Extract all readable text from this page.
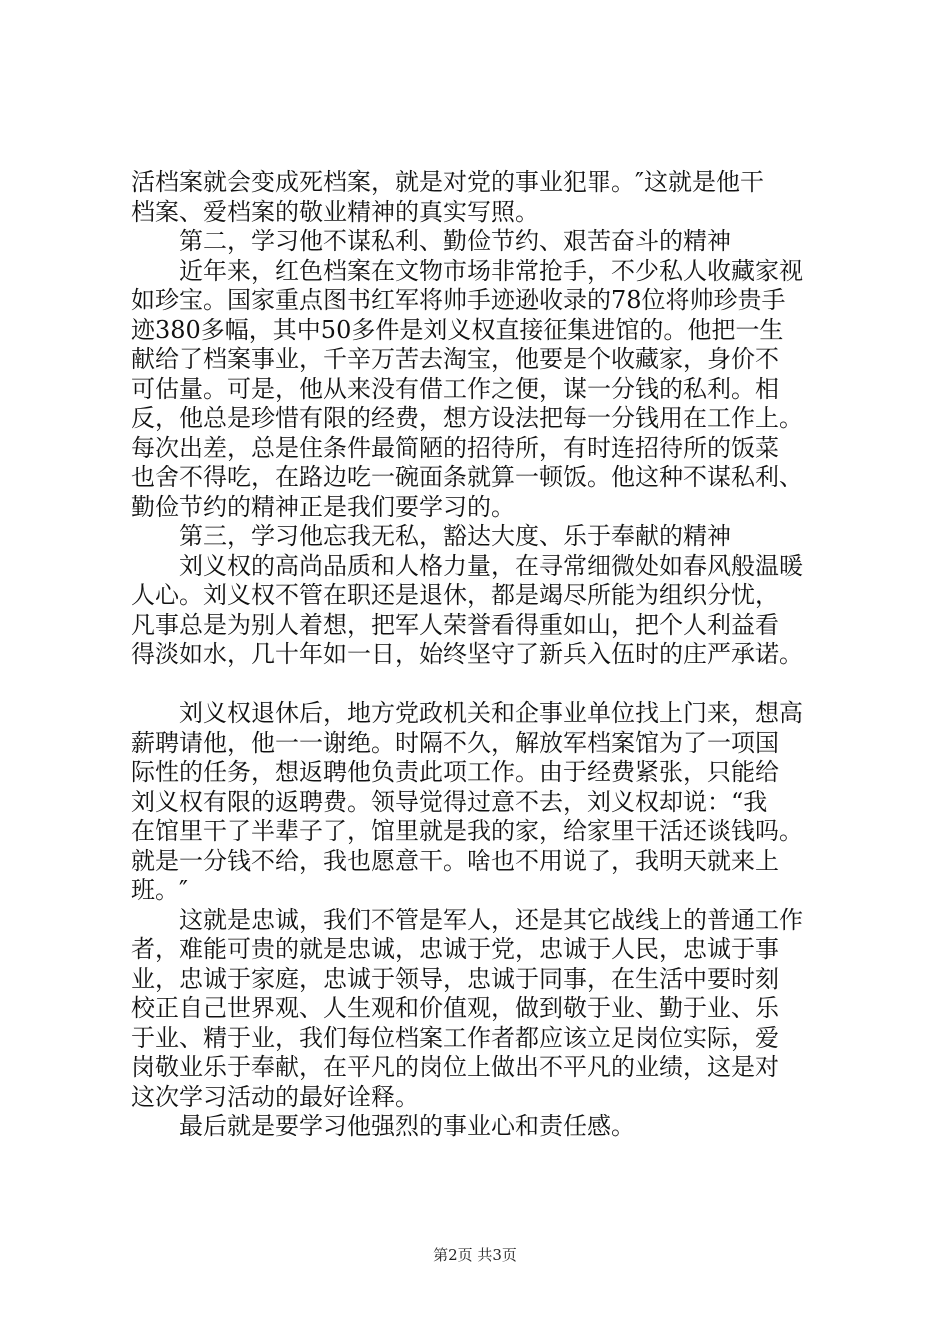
活档案就会变成死档案，就是对党的事业犯罪。″这就是他干
档案、爱档案的敬业精神的真实写照。
第二，学习他不谋私利、勤俭节约、艰苦奋斗的精神
近年来，红色档案在文物市场非常抢手，不少私人收藏家视
如珍宝。国家重点图书红军将帅手迹逊收录的78位将帅珍贵手
迹380多幅，其中50多件是刘义权直接征集进馆的。他把一生
献给了档案事业，千辛万苦去淘宝，他要是个收藏家，身价不
可估量。可是，他从来没有借工作之便，谋一分钱的私利。相
反，他总是珍惜有限的经费，想方设法把每一分钱用在工作上。
每次出差，总是住条件最简陋的招待所，有时连招待所的饭菜
也舍不得吃，在路边吃一碗面条就算一顿饭。他这种不谋私利、
勤俭节约的精神正是我们要学习的。
第三，学习他忘我无私，豁达大度、乐于奉献的精神
刘义权的高尚品质和人格力量，在寻常细微处如春风般温暖
人心。刘义权不管在职还是退休，都是竭尽所能为组织分忧，
凡事总是为别人着想，把军人荣誉看得重如山，把个人利益看
得淡如水，几十年如一日，始终坚守了新兵入伍时的庄严承诺。
刘义权退休后，地方党政机关和企事业单位找上门来，想高
薪聘请他，他一一谢绝。时隔不久，解放军档案馆为了一项国
际性的任务，想返聘他负责此项工作。由于经费紧张，只能给
刘义权有限的返聘费。领导觉得过意不去，刘义权却说：“我
在馆里干了半辈子了，馆里就是我的家，给家里干活还谈钱吗。
就是一分钱不给，我也愿意干。啥也不用说了，我明天就来上
班。″
这就是忠诚，我们不管是军人，还是其它战线上的普通工作
者，难能可贵的就是忠诚，忠诚于党，忠诚于人民，忠诚于事
业，忠诚于家庭，忠诚于领导，忠诚于同事，在生活中要时刻
校正自己世界观、人生观和价值观，做到敬于业、勤于业、乐
于业、精于业，我们每位档案工作者都应该立足岗位实际，爱
岗敬业乐于奉献，在平凡的岗位上做出不平凡的业绩，这是对
这次学习活动的最好诠释。
最后就是要学习他强烈的事业心和责任感。
第2页 共3页
